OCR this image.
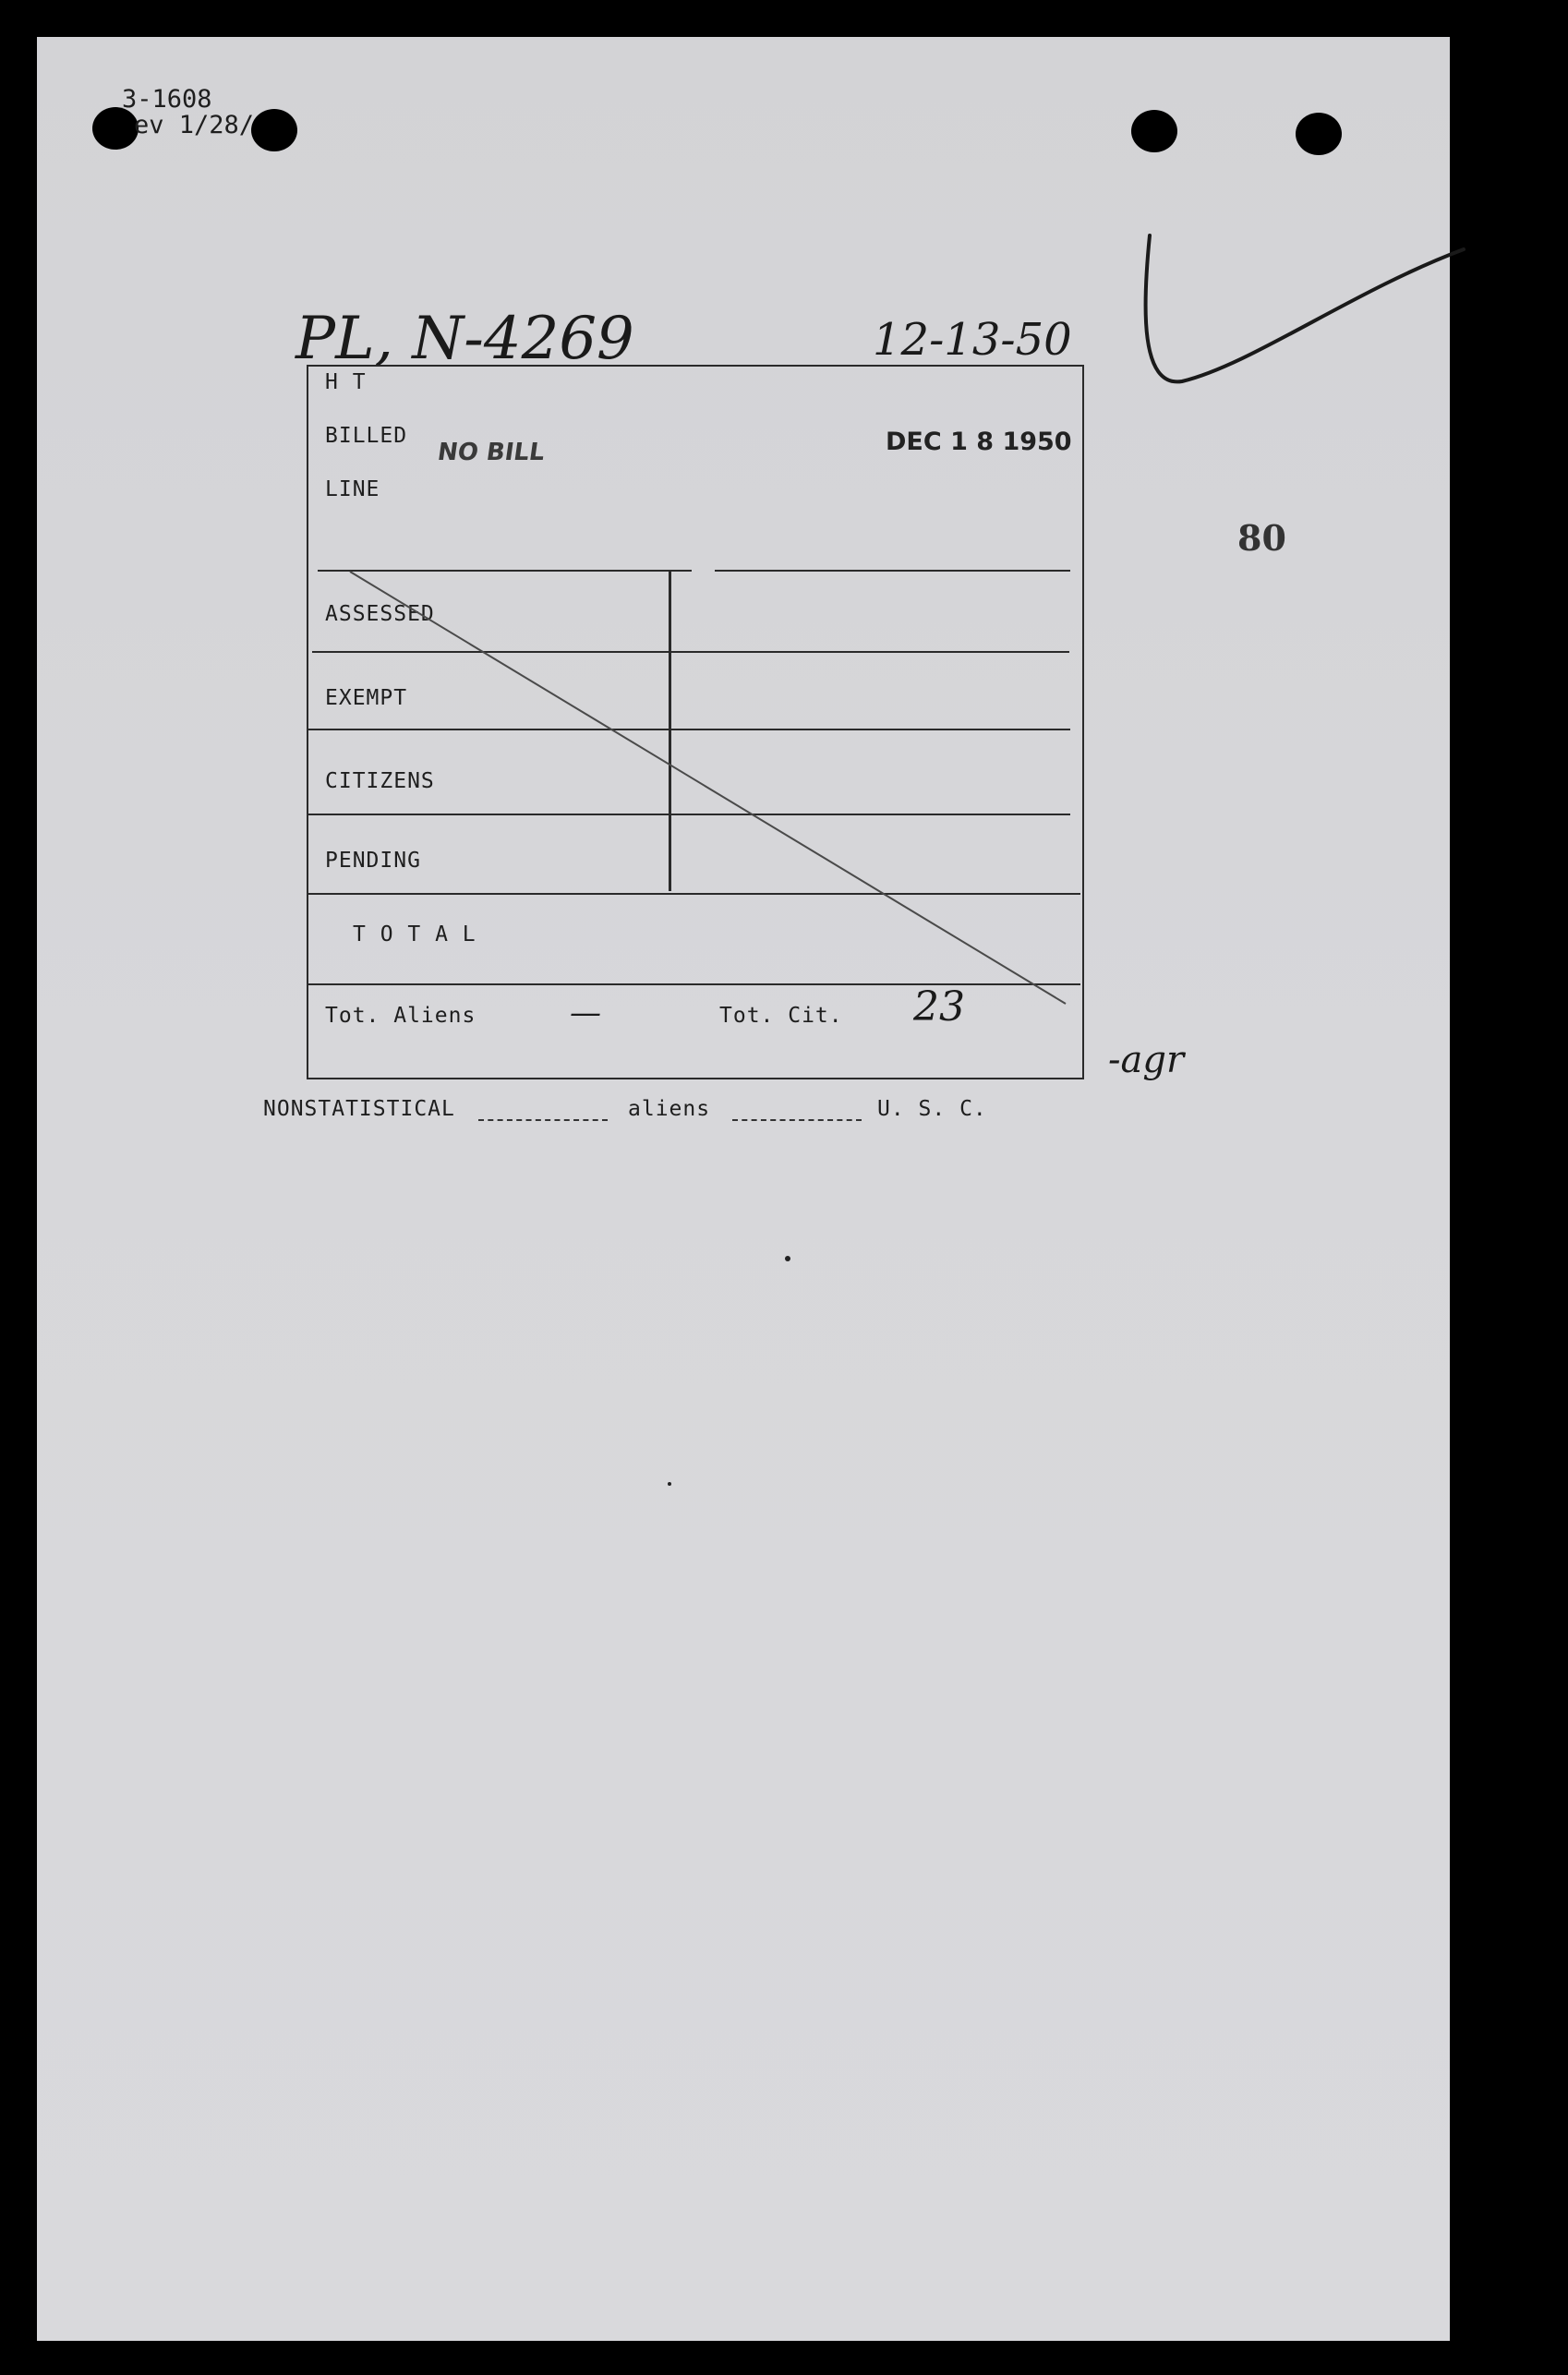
3-1608
ev 1/28/
PL, N-4269	12-13-50
H T
BILLED
NO BILL	DEC 1 8 1950
LINE
ASSESSED
EXEMPT
CITIZENS
PENDING
T O T A L
Tot. Aliens	—	Tot. Cit. 23
80
-agr
NONSTATISTICAL	aliens	U. S. C.
